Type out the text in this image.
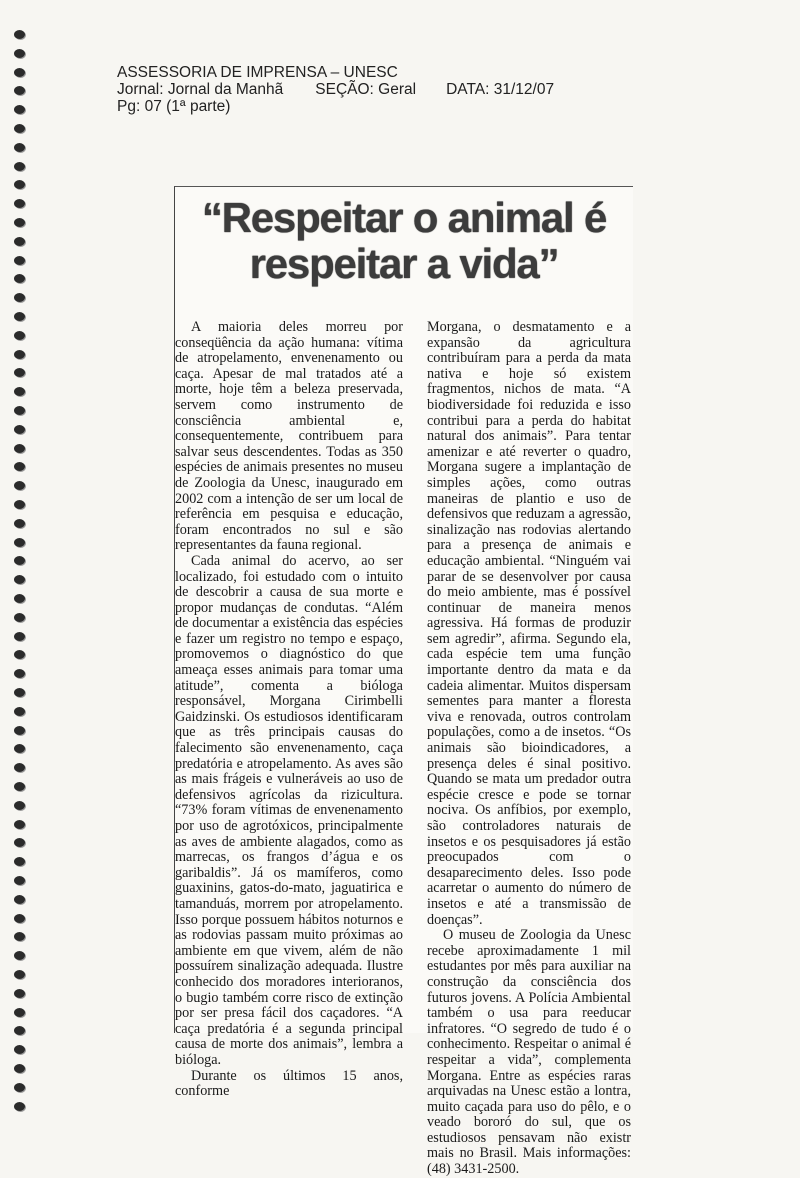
ASSESSORIA DE IMPRENSA – UNESC
Jornal: Jornal da Manhã SEÇÃO: Geral DATA: 31/12/07
Pg: 07 (1ª parte)
“Respeitar o animal é
respeitar a vida”

A maioria deles morreu por conseqüência da ação humana: vítima de atropelamento, envenenamento ou caça. Apesar de mal tratados até a morte, hoje têm a beleza preservada, servem como instrumento de consciência ambiental e, consequentemente, contribuem para salvar seus descendentes. Todas as 350 espécies de animais presentes no museu de Zoologia da Unesc, inaugurado em 2002 com a intenção de ser um local de referência em pesquisa e educação, foram encontrados no sul e são representantes da fauna regional.

Cada animal do acervo, ao ser localizado, foi estudado com o intuito de descobrir a causa de sua morte e propor mudanças de condutas. “Além de documentar a existência das espécies e fazer um registro no tempo e espaço, promovemos o diagnóstico do que ameaça esses animais para tomar uma atitude”, comenta a bióloga responsável, Morgana Cirimbelli Gaidzinski. Os estudiosos identificaram que as três principais causas do falecimento são envenenamento, caça predatória e atropelamento. As aves são as mais frágeis e vulneráveis ao uso de defensivos agrícolas da rizicultura. “73% foram vítimas de envenenamento por uso de agrotóxicos, principalmente as aves de ambiente alagados, como as marrecas, os frangos d’água e os garibaldis”. Já os mamíferos, como guaxinins, gatos-do-mato, jaguatirica e tamanduás, morrem por atropelamento. Isso porque possuem hábitos noturnos e as rodovias passam muito próximas ao ambiente em que vivem, além de não possuírem sinalização adequada. Ilustre conhecido dos moradores interioranos, o bugio também corre risco de extinção por ser presa fácil dos caçadores. “A caça predatória é a segunda principal causa de morte dos animais”, lembra a bióloga.

Durante os últimos 15 anos, conforme

Morgana, o desmatamento e a expansão da agricultura contribuíram para a perda da mata nativa e hoje só existem fragmentos, nichos de mata. “A biodiversidade foi reduzida e isso contribui para a perda do habitat natural dos animais”. Para tentar amenizar e até reverter o quadro, Morgana sugere a implantação de simples ações, como outras maneiras de plantio e uso de defensivos que reduzam a agressão, sinalização nas rodovias alertando para a presença de animais e educação ambiental. “Ninguém vai parar de se desenvolver por causa do meio ambiente, mas é possível continuar de maneira menos agressiva. Há formas de produzir sem agredir”, afirma. Segundo ela, cada espécie tem uma função importante dentro da mata e da cadeia alimentar. Muitos dispersam sementes para manter a floresta viva e renovada, outros controlam populações, como a de insetos. “Os animais são bioindicadores, a presença deles é sinal positivo. Quando se mata um predador outra espécie cresce e pode se tornar nociva. Os anfíbios, por exemplo, são controladores naturais de insetos e os pesquisadores já estão preocupados com o desaparecimento deles. Isso pode acarretar o aumento do número de insetos e até a transmissão de doenças”.

O museu de Zoologia da Unesc recebe aproximadamente 1 mil estudantes por mês para auxiliar na construção da consciência dos futuros jovens. A Polícia Ambiental também o usa para reeducar infratores. “O segredo de tudo é o conhecimento. Respeitar o animal é respeitar a vida”, complementa Morgana. Entre as espécies raras arquivadas na Unesc estão a lontra, muito caçada para uso do pêlo, e o veado bororó do sul, que os estudiosos pensavam não existr mais no Brasil. Mais informações: (48) 3431-2500.
